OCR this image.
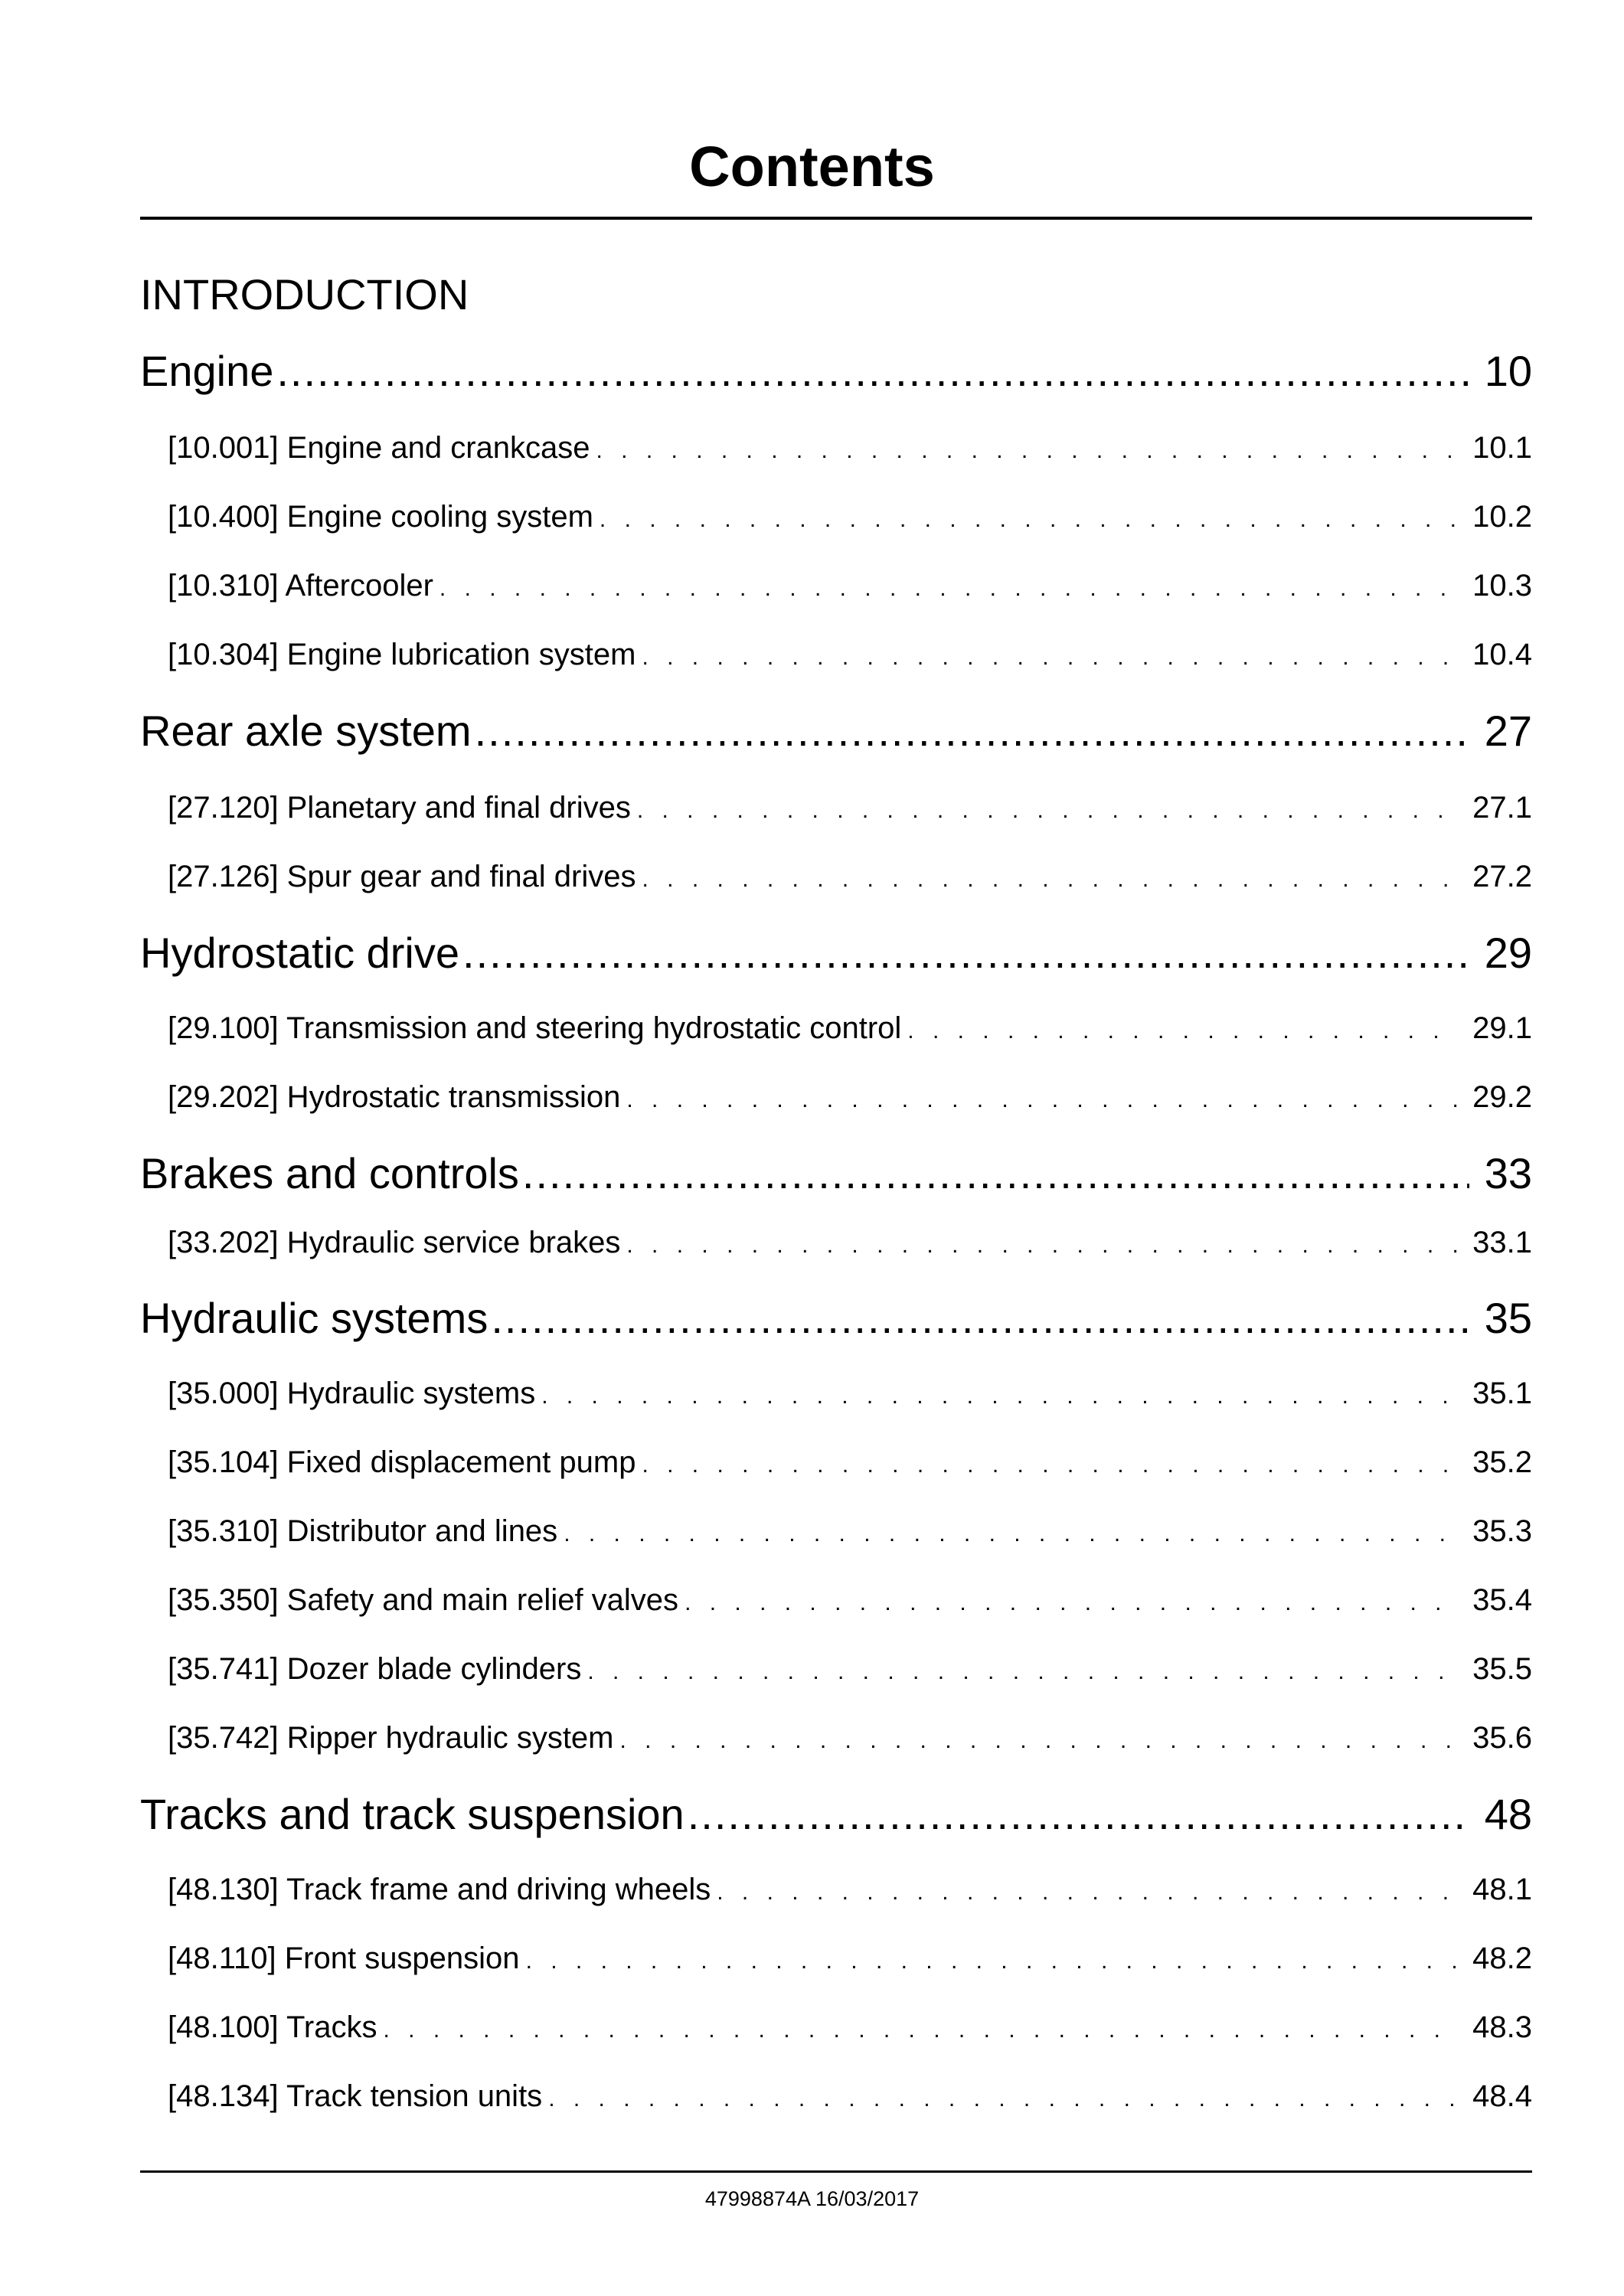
Contents
INTRODUCTION
Engine .....	10
[10.001] Engine and crankcase . . .	10.1
[10.400] Engine cooling system . . .	10.2
[10.310] Aftercooler . . .	10.3
[10.304] Engine lubrication system . . .	10.4
Rear axle system .....	27
[27.120] Planetary and final drives . . .	27.1
[27.126] Spur gear and final drives . . .	27.2
Hydrostatic drive .....	29
[29.100] Transmission and steering hydrostatic control . . .	29.1
[29.202] Hydrostatic transmission . . .	29.2
Brakes and controls .....	33
[33.202] Hydraulic service brakes . . .	33.1
Hydraulic systems .....	35
[35.000] Hydraulic systems . . .	35.1
[35.104] Fixed displacement pump . . .	35.2
[35.310] Distributor and lines . . .	35.3
[35.350] Safety and main relief valves . . .	35.4
[35.741] Dozer blade cylinders . . .	35.5
[35.742] Ripper hydraulic system . . .	35.6
Tracks and track suspension .....	48
[48.130] Track frame and driving wheels . . .	48.1
[48.110] Front suspension . . .	48.2
[48.100] Tracks . . .	48.3
[48.134] Track tension units . . .	48.4
47998874A 16/03/2017
